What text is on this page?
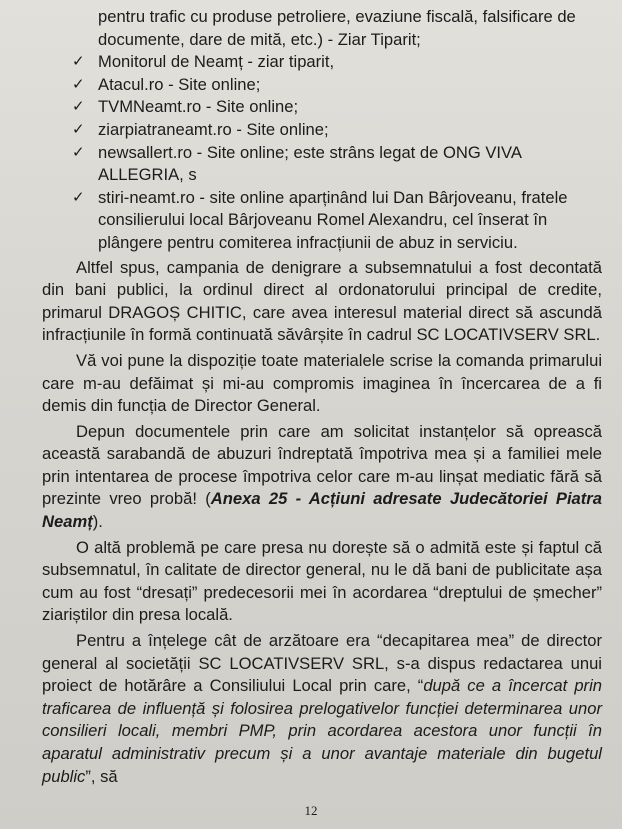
pentru trafic cu produse petroliere, evaziune fiscală, falsificare de
documente, dare de mită, etc.) - Ziar Tiparit;
✓ Monitorul de Neamț - ziar tiparit,
✓ Atacul.ro - Site online;
✓ TVMNeamt.ro - Site online;
✓ ziarpiatraneamt.ro - Site online;
✓ newsallert.ro - Site online; este strâns legat de ONG VIVA
ALLEGRIA, s
✓ stiri-neamt.ro - site online aparținând lui Dan Bârjoveanu, fratele
consilierului local Bârjoveanu Romel Alexandru, cel înserat în
plângere pentru comiterea infracțiunii de abuz in serviciu.

Altfel spus, campania de denigrare a subsemnatului a fost decontată din bani publici, la ordinul direct al ordonatorului principal de credite, primarul DRAGOȘ CHITIC, care avea interesul material direct să ascundă infracțiunile în formă continuată săvârșite în cadrul SC LOCATIVSERV SRL.

Vă voi pune la dispoziție toate materialele scrise la comanda primarului care m-au defăimat și mi-au compromis imaginea în încercarea de a fi demis din funcția de Director General.

Depun documentele prin care am solicitat instanțelor să oprească această sarabandă de abuzuri îndreptată împotriva mea și a familiei mele prin intentarea de procese împotriva celor care m-au linșat mediatic fără să prezinte vreo probă! (Anexa 25 - Acțiuni adresate Judecătoriei Piatra Neamț).

O altă problemă pe care presa nu dorește să o admită este și faptul că subsemnatul, în calitate de director general, nu le dă bani de publicitate așa cum au fost “dresați” predecesorii mei în acordarea “dreptului de șmecher” ziariștilor din presa locală.

Pentru a înțelege cât de arzătoare era “decapitarea mea” de director general al societății SC LOCATIVSERV SRL, s-a dispus redactarea unui proiect de hotărâre a Consiliului Local prin care, “după ce a încercat prin traficarea de influență și folosirea prelogativelor funcției determinarea unor consilieri locali, membri PMP, prin acordarea acestora unor funcții în aparatul administrativ precum și a unor avantaje materiale din bugetul public”, să

12
